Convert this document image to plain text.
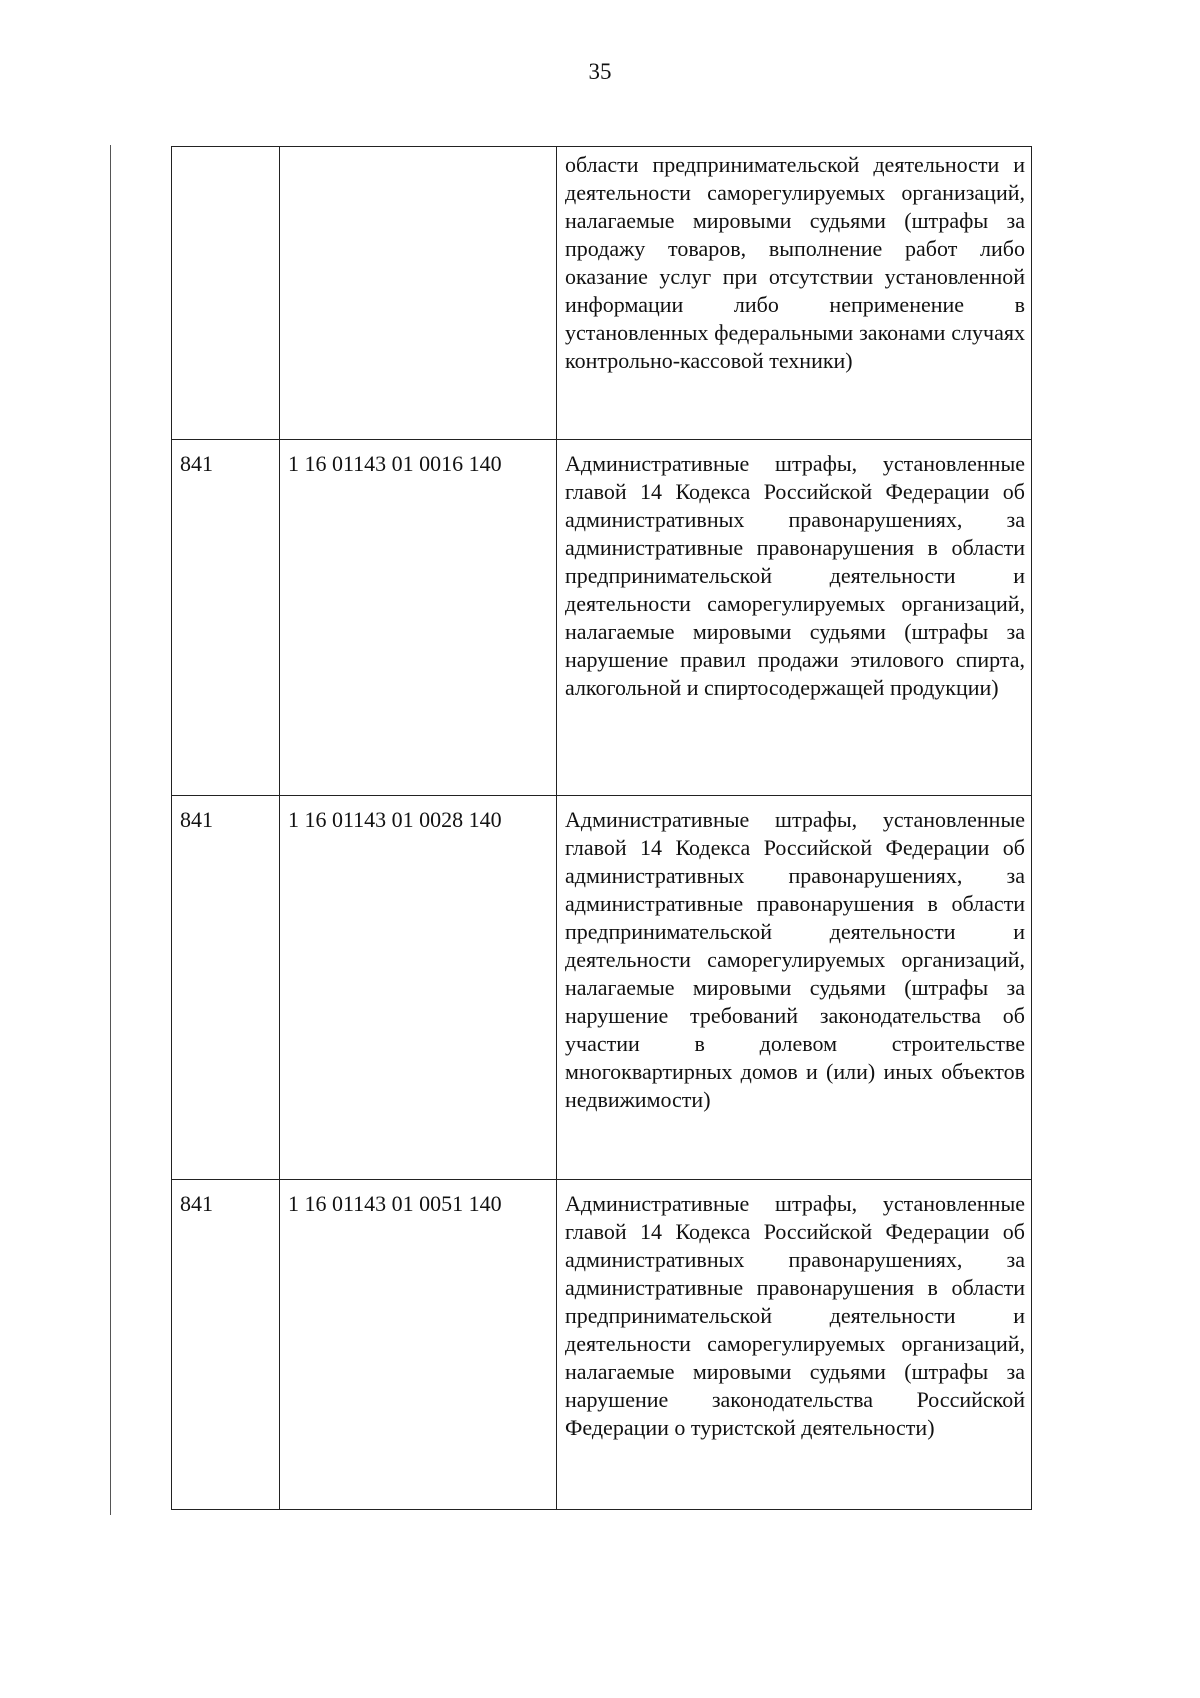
35
		области предпринимательской деятельности и деятельности саморегулируемых организаций, налагаемые мировыми судьями (штрафы за продажу товаров, выполнение работ либо оказание услуг при отсутствии установленной информации либо неприменение в установленных федеральными законами случаях контрольно-кассовой техники)
841	1 16 01143 01 0016 140	Административные штрафы, установленные главой 14 Кодекса Российской Федерации об административных правонарушениях, за административные правонарушения в области предпринимательской деятельности и деятельности саморегулируемых организаций, налагаемые мировыми судьями (штрафы за нарушение правил продажи этилового спирта, алкогольной и спиртосодержащей продукции)
841	1 16 01143 01 0028 140	Административные штрафы, установленные главой 14 Кодекса Российской Федерации об административных правонарушениях, за административные правонарушения в области предпринимательской деятельности и деятельности саморегулируемых организаций, налагаемые мировыми судьями (штрафы за нарушение требований законодательства об участии в долевом строительстве многоквартирных домов и (или) иных объектов недвижимости)
841	1 16 01143 01 0051 140	Административные штрафы, установленные главой 14 Кодекса Российской Федерации об административных правонарушениях, за административные правонарушения в области предпринимательской деятельности и деятельности саморегулируемых организаций, налагаемые мировыми судьями (штрафы за нарушение законодательства Российской Федерации о туристской деятельности)
